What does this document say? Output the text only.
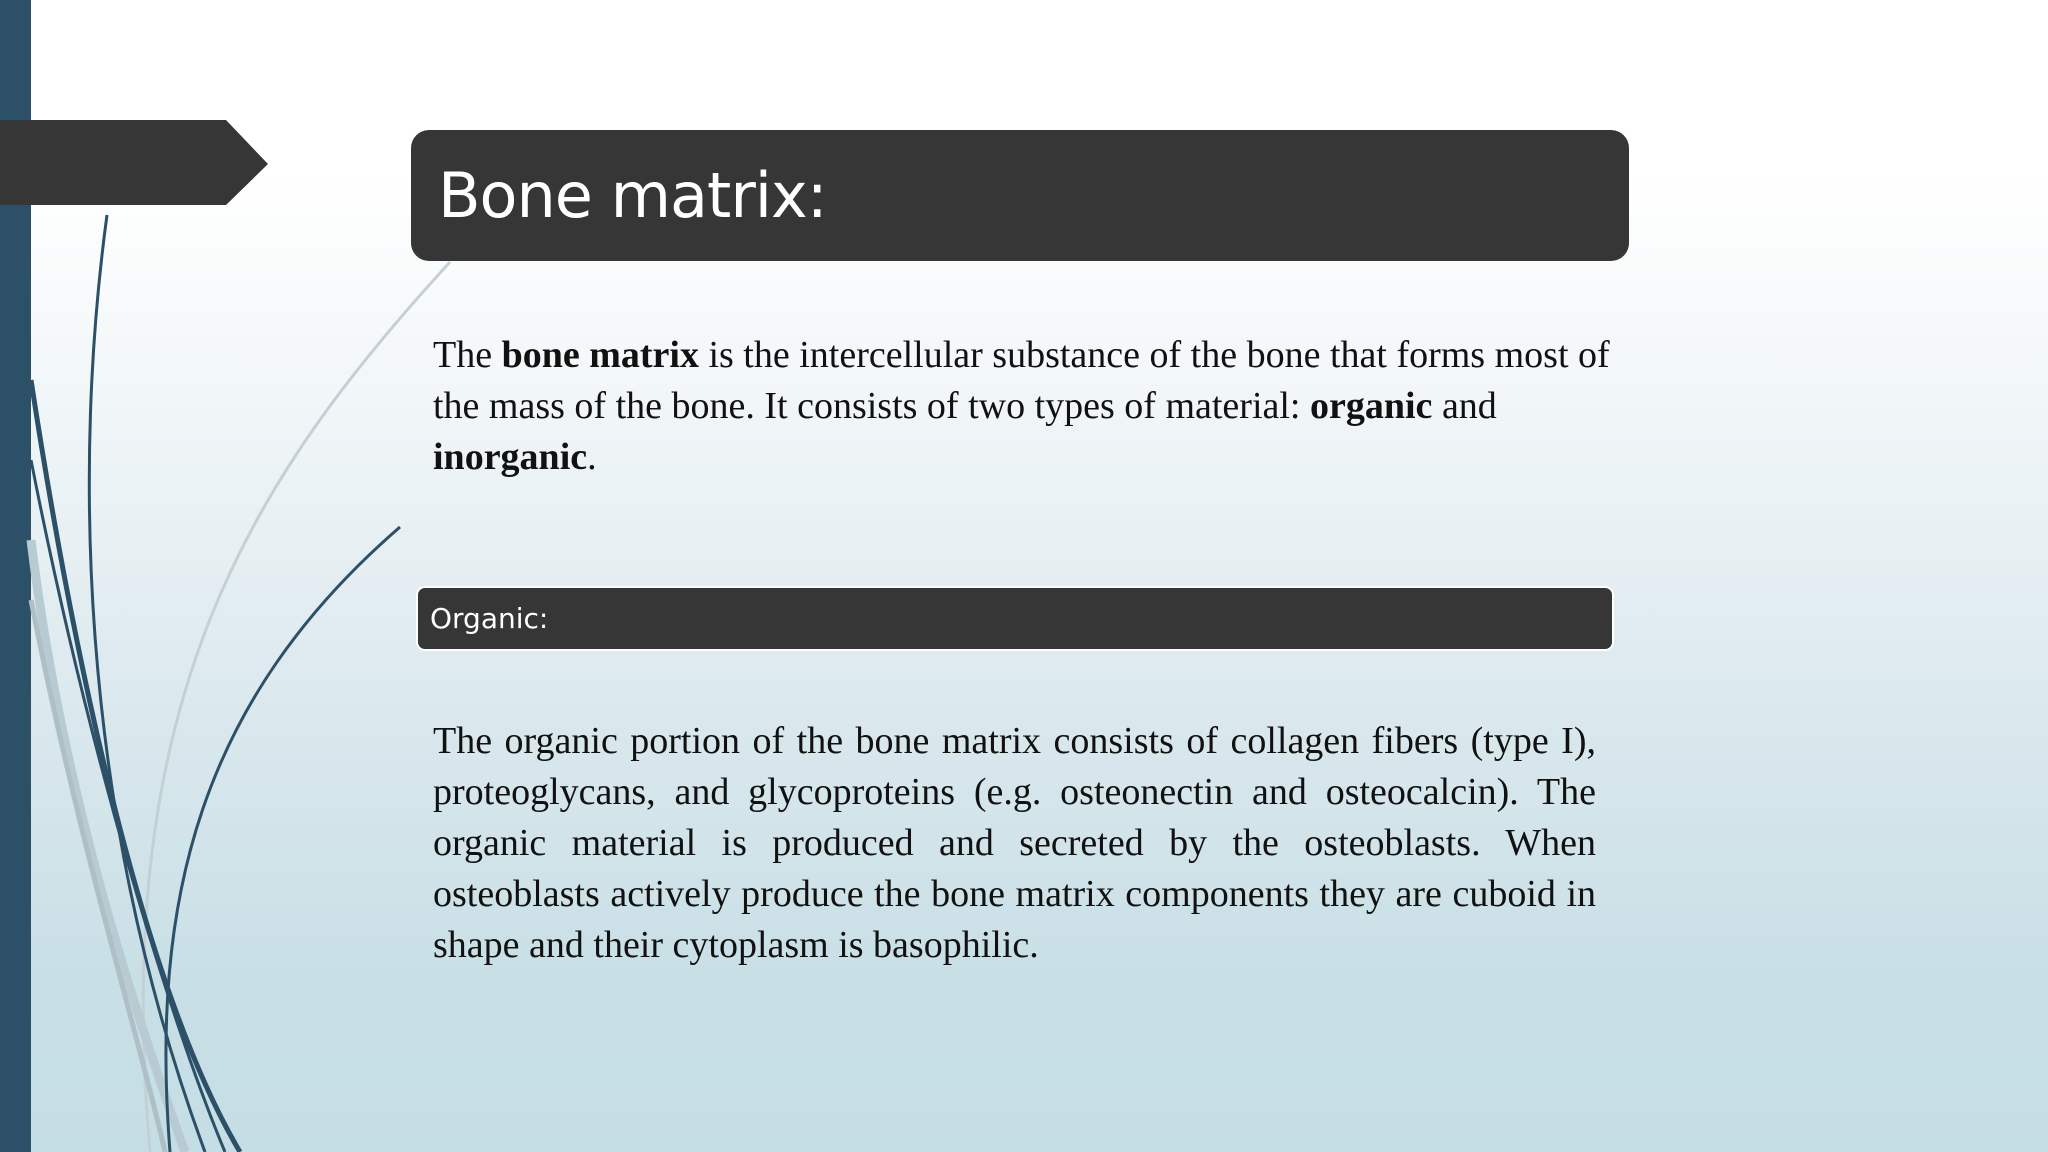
Bone matrix:

The bone matrix is the intercellular substance of the bone that forms most of the mass of the bone. It consists of two types of material: organic and inorganic.

Organic:

The organic portion of the bone matrix consists of collagen fibers (type I), proteoglycans, and glycoproteins (e.g. osteonectin and osteocalcin). The organic material is produced and secreted by the osteoblasts. When osteoblasts actively produce the bone matrix components they are cuboid in shape and their cytoplasm is basophilic.
